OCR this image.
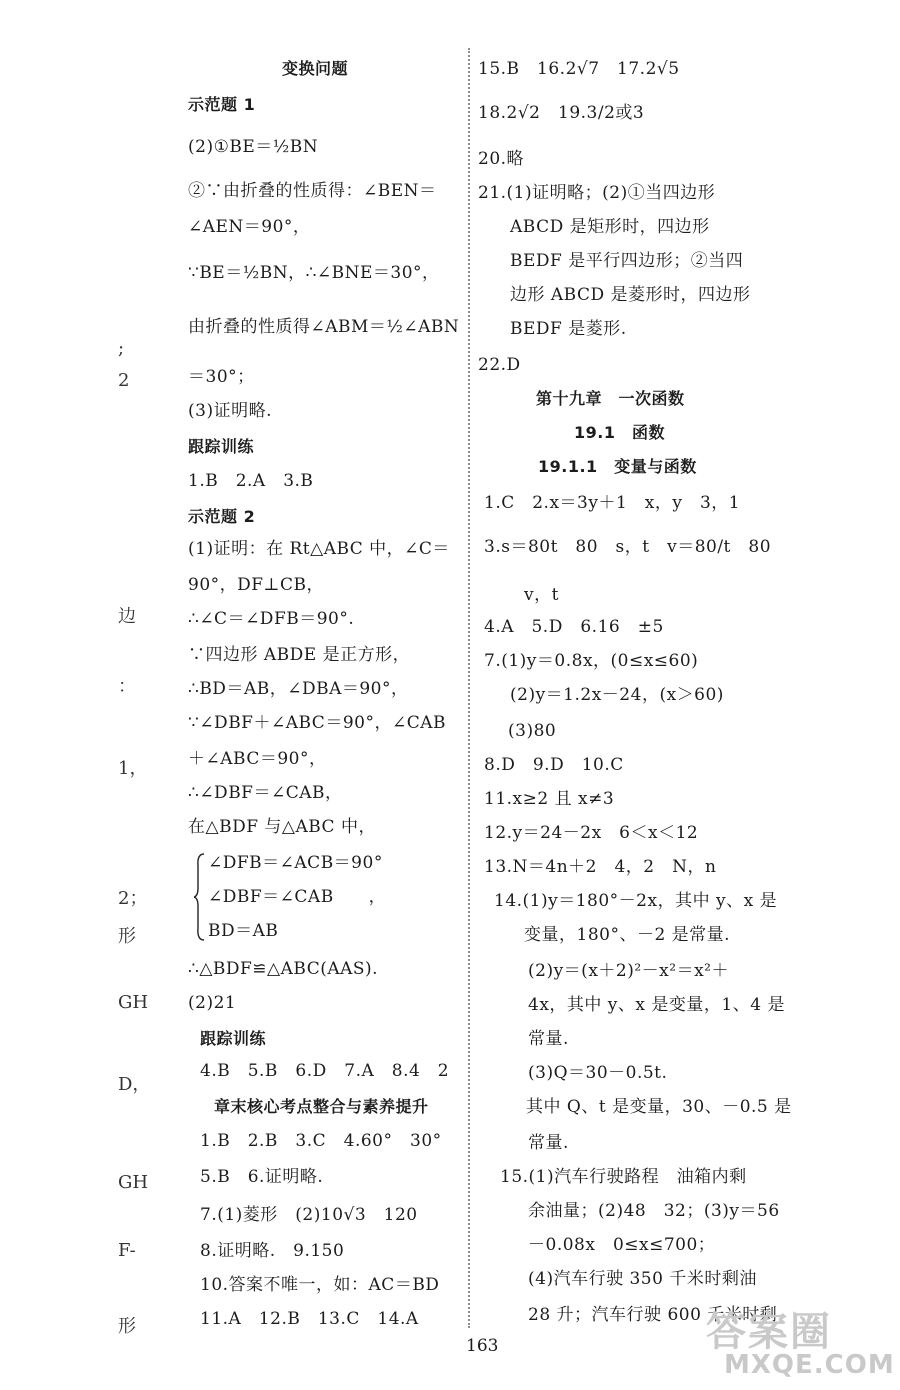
;
2
边
：
1，
2；
形
GH
D，
GH
F-
形
变换问题
示范题 1
(2)①BE＝½BN
②∵由折叠的性质得：∠BEN＝
∠AEN＝90°，
∵BE＝½BN，∴∠BNE＝30°，
由折叠的性质得∠ABM＝½∠ABN
＝30°；
(3)证明略.
跟踪训练
1.B　2.A　3.B
示范题 2
(1)证明：在 Rt△ABC 中，∠C＝
90°，DF⊥CB，
∴∠C＝∠DFB＝90°.
∵四边形 ABDE 是正方形，
∴BD＝AB，∠DBA＝90°，
∵∠DBF＋∠ABC＝90°，∠CAB
＋∠ABC＝90°，
∴∠DBF＝∠CAB，
在△BDF 与△ABC 中，
∠DFB＝∠ACB＝90°
∠DBF＝∠CAB　　，
BD＝AB
∴△BDF≌△ABC(AAS).
(2)21
跟踪训练
4.B　5.B　6.D　7.A　8.4　2
章末核心考点整合与素养提升
1.B　2.B　3.C　4.60°　30°
5.B　6.证明略.
7.(1)菱形　(2)10√3　120
8.证明略.　9.150
10.答案不唯一，如：AC＝BD
11.A　12.B　13.C　14.A
15.B　16.2√7　17.2√5
18.2√2　19.3/2或3
20.略
21.(1)证明略；(2)①当四边形
ABCD 是矩形时，四边形
BEDF 是平行四边形；②当四
边形 ABCD 是菱形时，四边形
BEDF 是菱形.
22.D
第十九章　一次函数
19.1　函数
19.1.1　变量与函数
1.C　2.x＝3y＋1　x，y　3，1
3.s＝80t　80　s，t　v＝80/t　80
v，t
4.A　5.D　6.16　±5
7.(1)y＝0.8x，(0≤x≤60)
(2)y＝1.2x－24，(x＞60)
(3)80
8.D　9.D　10.C
11.x≥2 且 x≠3
12.y＝24－2x　6＜x＜12
13.N＝4n＋2　4，2　N，n
14.(1)y＝180°－2x，其中 y、x 是
变量，180°、－2 是常量.
(2)y＝(x＋2)²－x²＝x²＋
4x，其中 y、x 是变量，1、4 是
常量.
(3)Q＝30－0.5t.
其中 Q、t 是变量，30、－0.5 是
常量.
15.(1)汽车行驶路程　油箱内剩
余油量；(2)48　32；(3)y＝56
－0.08x　0≤x≤700；
(4)汽车行驶 350 千米时剩油
28 升；汽车行驶 600 千米时剩
163	答案圈
MXQE.COM
